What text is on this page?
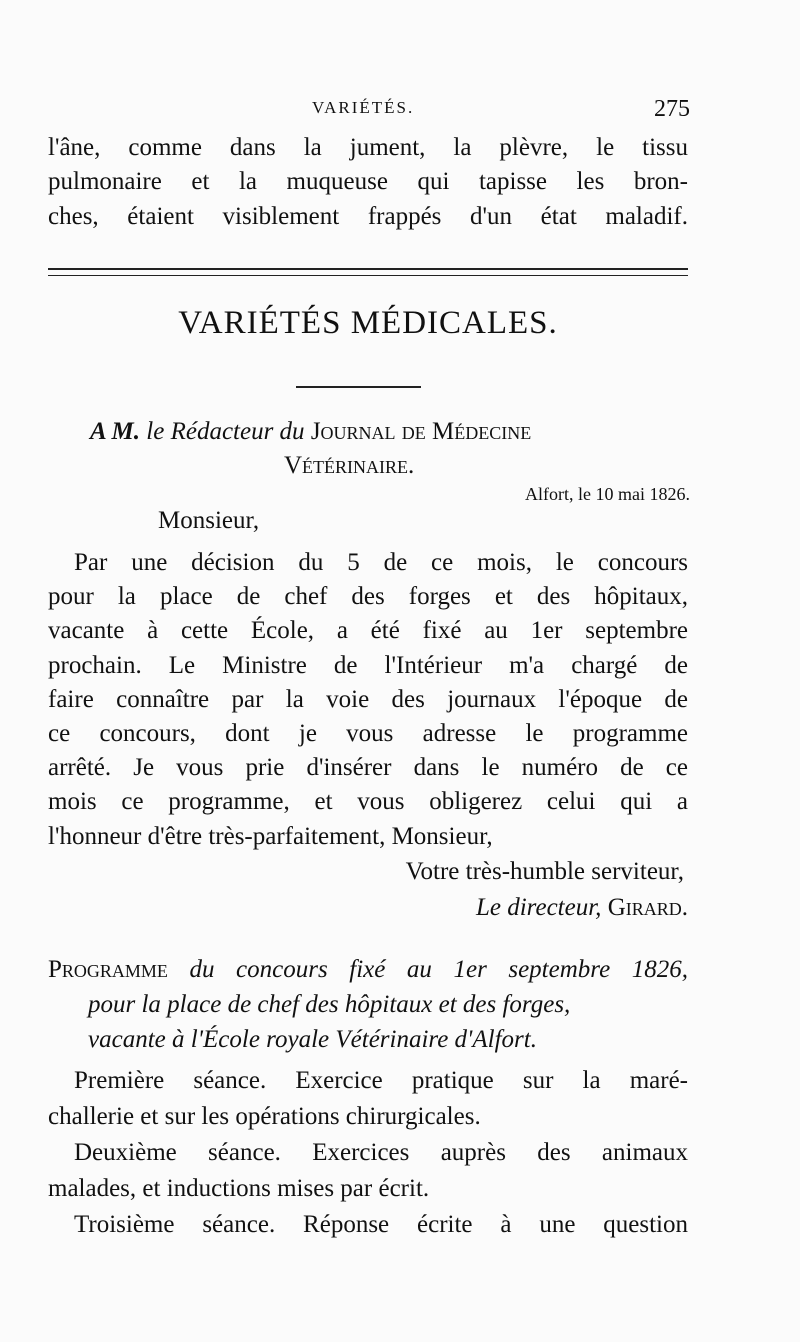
VARIÉTÉS.	275

l'âne, comme dans la jument, la plèvre, le tissu

pulmonaire et la muqueuse qui tapisse les bron-

ches, étaient visiblement frappés d'un état maladif.

VARIÉTÉS MÉDICALES.
A M. le Rédacteur du Journal de Médecine
Vétérinaire.
Alfort, le 10 mai 1826.
Monsieur,

Par une décision du 5 de ce mois, le concours

pour la place de chef des forges et des hôpitaux,

vacante à cette École, a été fixé au 1er septembre

prochain. Le Ministre de l'Intérieur m'a chargé de

faire connaître par la voie des journaux l'époque de

ce concours, dont je vous adresse le programme

arrêté. Je vous prie d'insérer dans le numéro de ce

mois ce programme, et vous obligerez celui qui a

l'honneur d'être très-parfaitement, Monsieur,

Votre très-humble serviteur,
Le directeur, Girard.
Programme du concours fixé au 1er septembre 1826,
pour la place de chef des hôpitaux et des forges,
vacante à l'École royale Vétérinaire d'Alfort.

Première séance. Exercice pratique sur la maré-

challerie et sur les opérations chirurgicales.

Deuxième séance. Exercices auprès des animaux

malades, et inductions mises par écrit.

Troisième séance. Réponse écrite à une question
